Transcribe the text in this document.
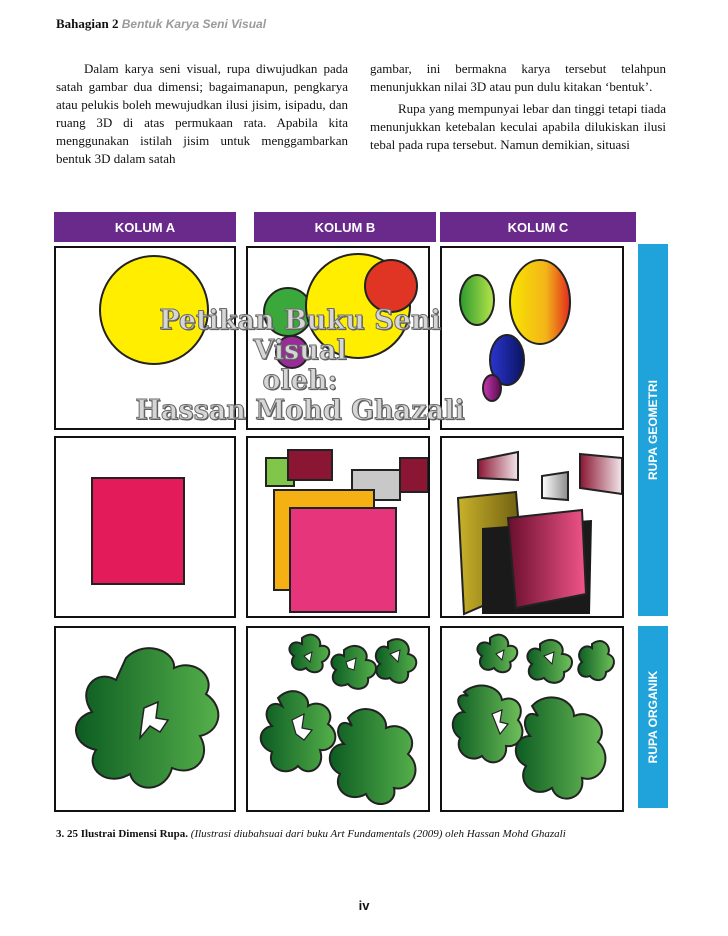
Bahagian 2 Bentuk Karya Seni Visual

Dalam karya seni visual, rupa diwujudkan pada satah gambar dua dimensi; bagaimanapun, pengkarya atau pelukis boleh mewujudkan ilusi jisim, isipadu, dan ruang 3D di atas permukaan rata. Apabila kita menggunakan istilah jisim untuk menggambarkan bentuk 3D dalam satah

gambar, ini bermakna karya tersebut telahpun menunjukkan nilai 3D atau pun dulu kitakan ‘bentuk’.

Rupa yang mempunyai lebar dan tinggi tetapi tiada menunjukkan ketebalan keculai apabila dilukiskan ilusi tebal pada rupa tersebut. Namun demikian, situasi

KOLUM A	KOLUM B	KOLUM C
RUPA GEOMETRI
RUPA ORGANIK
Petikan Buku Seni
Visual
oleh:
Hassan Mohd Ghazali
3. 25 Ilustrai Dimensi Rupa. (Ilustrasi diubahsuai dari buku Art Fundamentals (2009) oleh Hassan Mohd Ghazali
iv
